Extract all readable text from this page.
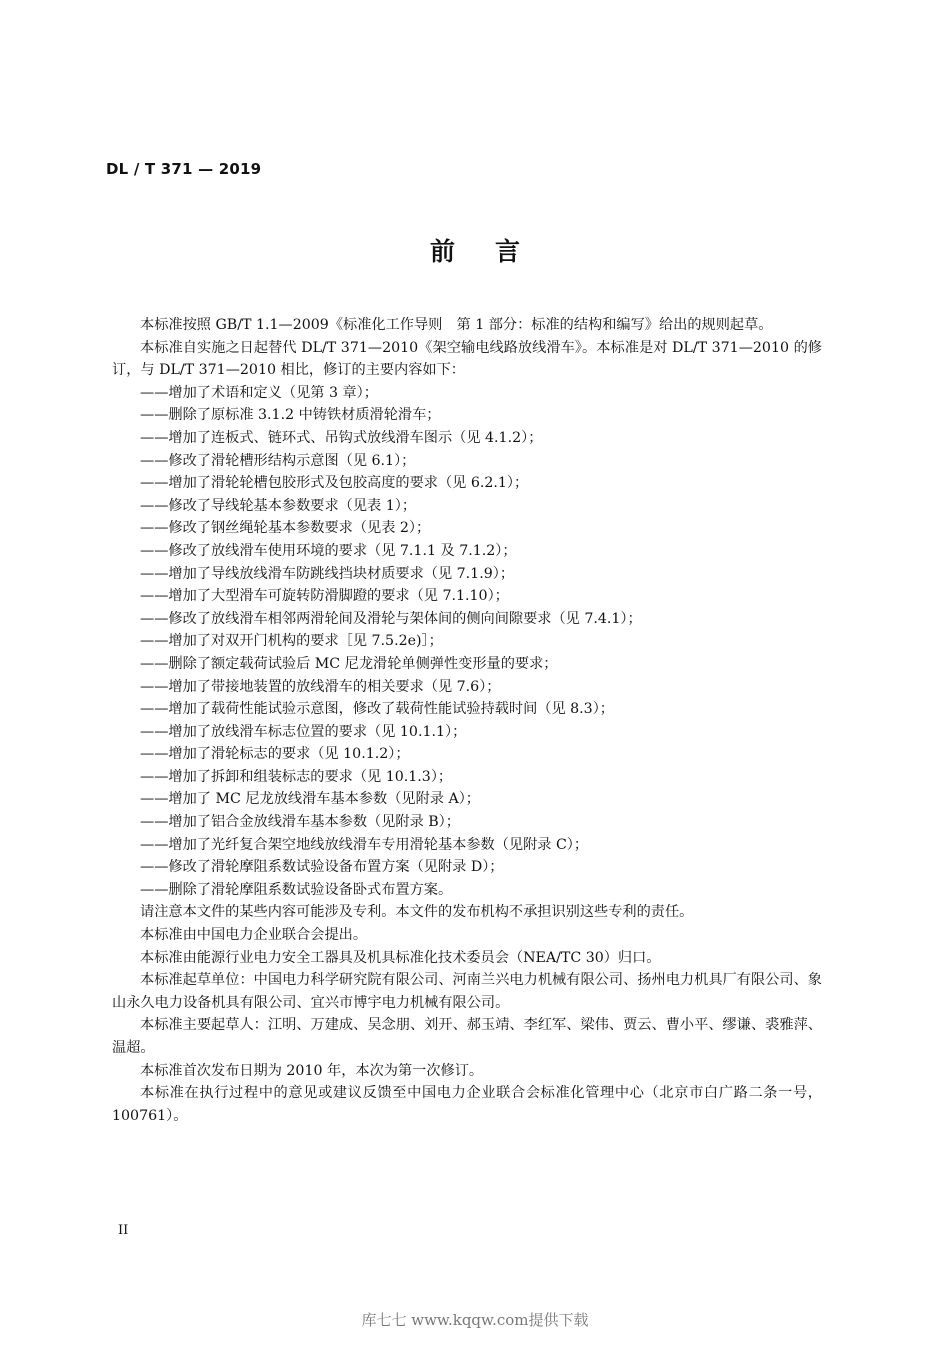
DL / T 371 — 2019
前言
本标准按照 GB/T 1.1—2009《标准化工作导则　第 1 部分：标准的结构和编写》给出的规则起草。
本标准自实施之日起替代 DL/T 371—2010《架空输电线路放线滑车》。本标准是对 DL/T 371—2010 的修订，与 DL/T 371—2010 相比，修订的主要内容如下：
——增加了术语和定义（见第 3 章）；
——删除了原标准 3.1.2 中铸铁材质滑轮滑车；
——增加了连板式、链环式、吊钩式放线滑车图示（见 4.1.2）；
——修改了滑轮槽形结构示意图（见 6.1）；
——增加了滑轮轮槽包胶形式及包胶高度的要求（见 6.2.1）；
——修改了导线轮基本参数要求（见表 1）；
——修改了钢丝绳轮基本参数要求（见表 2）；
——修改了放线滑车使用环境的要求（见 7.1.1 及 7.1.2）；
——增加了导线放线滑车防跳线挡块材质要求（见 7.1.9）；
——增加了大型滑车可旋转防滑脚蹬的要求（见 7.1.10）；
——修改了放线滑车相邻两滑轮间及滑轮与架体间的侧向间隙要求（见 7.4.1）；
——增加了对双开门机构的要求［见 7.5.2e)］；
——删除了额定载荷试验后 MC 尼龙滑轮单侧弹性变形量的要求；
——增加了带接地装置的放线滑车的相关要求（见 7.6）；
——增加了载荷性能试验示意图，修改了载荷性能试验持载时间（见 8.3）；
——增加了放线滑车标志位置的要求（见 10.1.1）；
——增加了滑轮标志的要求（见 10.1.2）；
——增加了拆卸和组装标志的要求（见 10.1.3）；
——增加了 MC 尼龙放线滑车基本参数（见附录 A）；
——增加了铝合金放线滑车基本参数（见附录 B）；
——增加了光纤复合架空地线放线滑车专用滑轮基本参数（见附录 C）；
——修改了滑轮摩阻系数试验设备布置方案（见附录 D）；
——删除了滑轮摩阻系数试验设备卧式布置方案。
请注意本文件的某些内容可能涉及专利。本文件的发布机构不承担识别这些专利的责任。
本标准由中国电力企业联合会提出。
本标准由能源行业电力安全工器具及机具标准化技术委员会（NEA/TC 30）归口。
本标准起草单位：中国电力科学研究院有限公司、河南兰兴电力机械有限公司、扬州电力机具厂有限公司、象山永久电力设备机具有限公司、宜兴市博宇电力机械有限公司。
本标准主要起草人：江明、万建成、吴念朋、刘开、郝玉靖、李红军、梁伟、贾云、曹小平、缪谦、裘雅萍、温超。
本标准首次发布日期为 2010 年，本次为第一次修订。
本标准在执行过程中的意见或建议反馈至中国电力企业联合会标准化管理中心（北京市白广路二条一号，100761）。
II
库七七 www.kqqw.com提供下载
